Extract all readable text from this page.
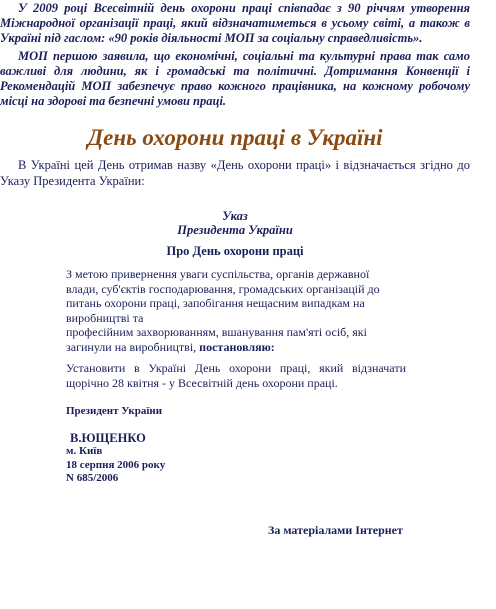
У 2009 році Всесвітній день охорони праці співпадає з 90 річчям утворення Міжнародної організації праці, який відзначатиметься в усьому світі, а також в Україні під гаслом: «90 років діяльності МОП за соціальну справедливість».

МОП першою заявила, що економічні, соціальні та культурні права так само важливі для людини, як і громадські та політичні. Дотримання Конвенції і Рекомендацій МОП забезпечує право кожного працівника, на кожному робочому місці на здорові та безпечні умови праці.

День охорони праці в Україні

В Україні цей День отримав назву «День охорони праці» і відзначається згідно до Указу Президента України:

Указ

Президента України

Про День охорони праці

З метою привернення уваги суспільства, органів державної
влади, суб'єктів господарювання, громадських організацій до
питань охорони праці, запобігання нещасним випадкам на
виробництві та
професійним захворюванням, вшанування пам'яті осіб, які
загинули на виробництві, постановляю:
Установити в Україні День охорони праці, який відзначати
щорічно 28 квітня - у Всесвітній день охорони праці.

Президент України

В.ЮЩЕНКО

м. Київ

18 серпня 2006 року

N 685/2006

За матеріалами Інтернет
